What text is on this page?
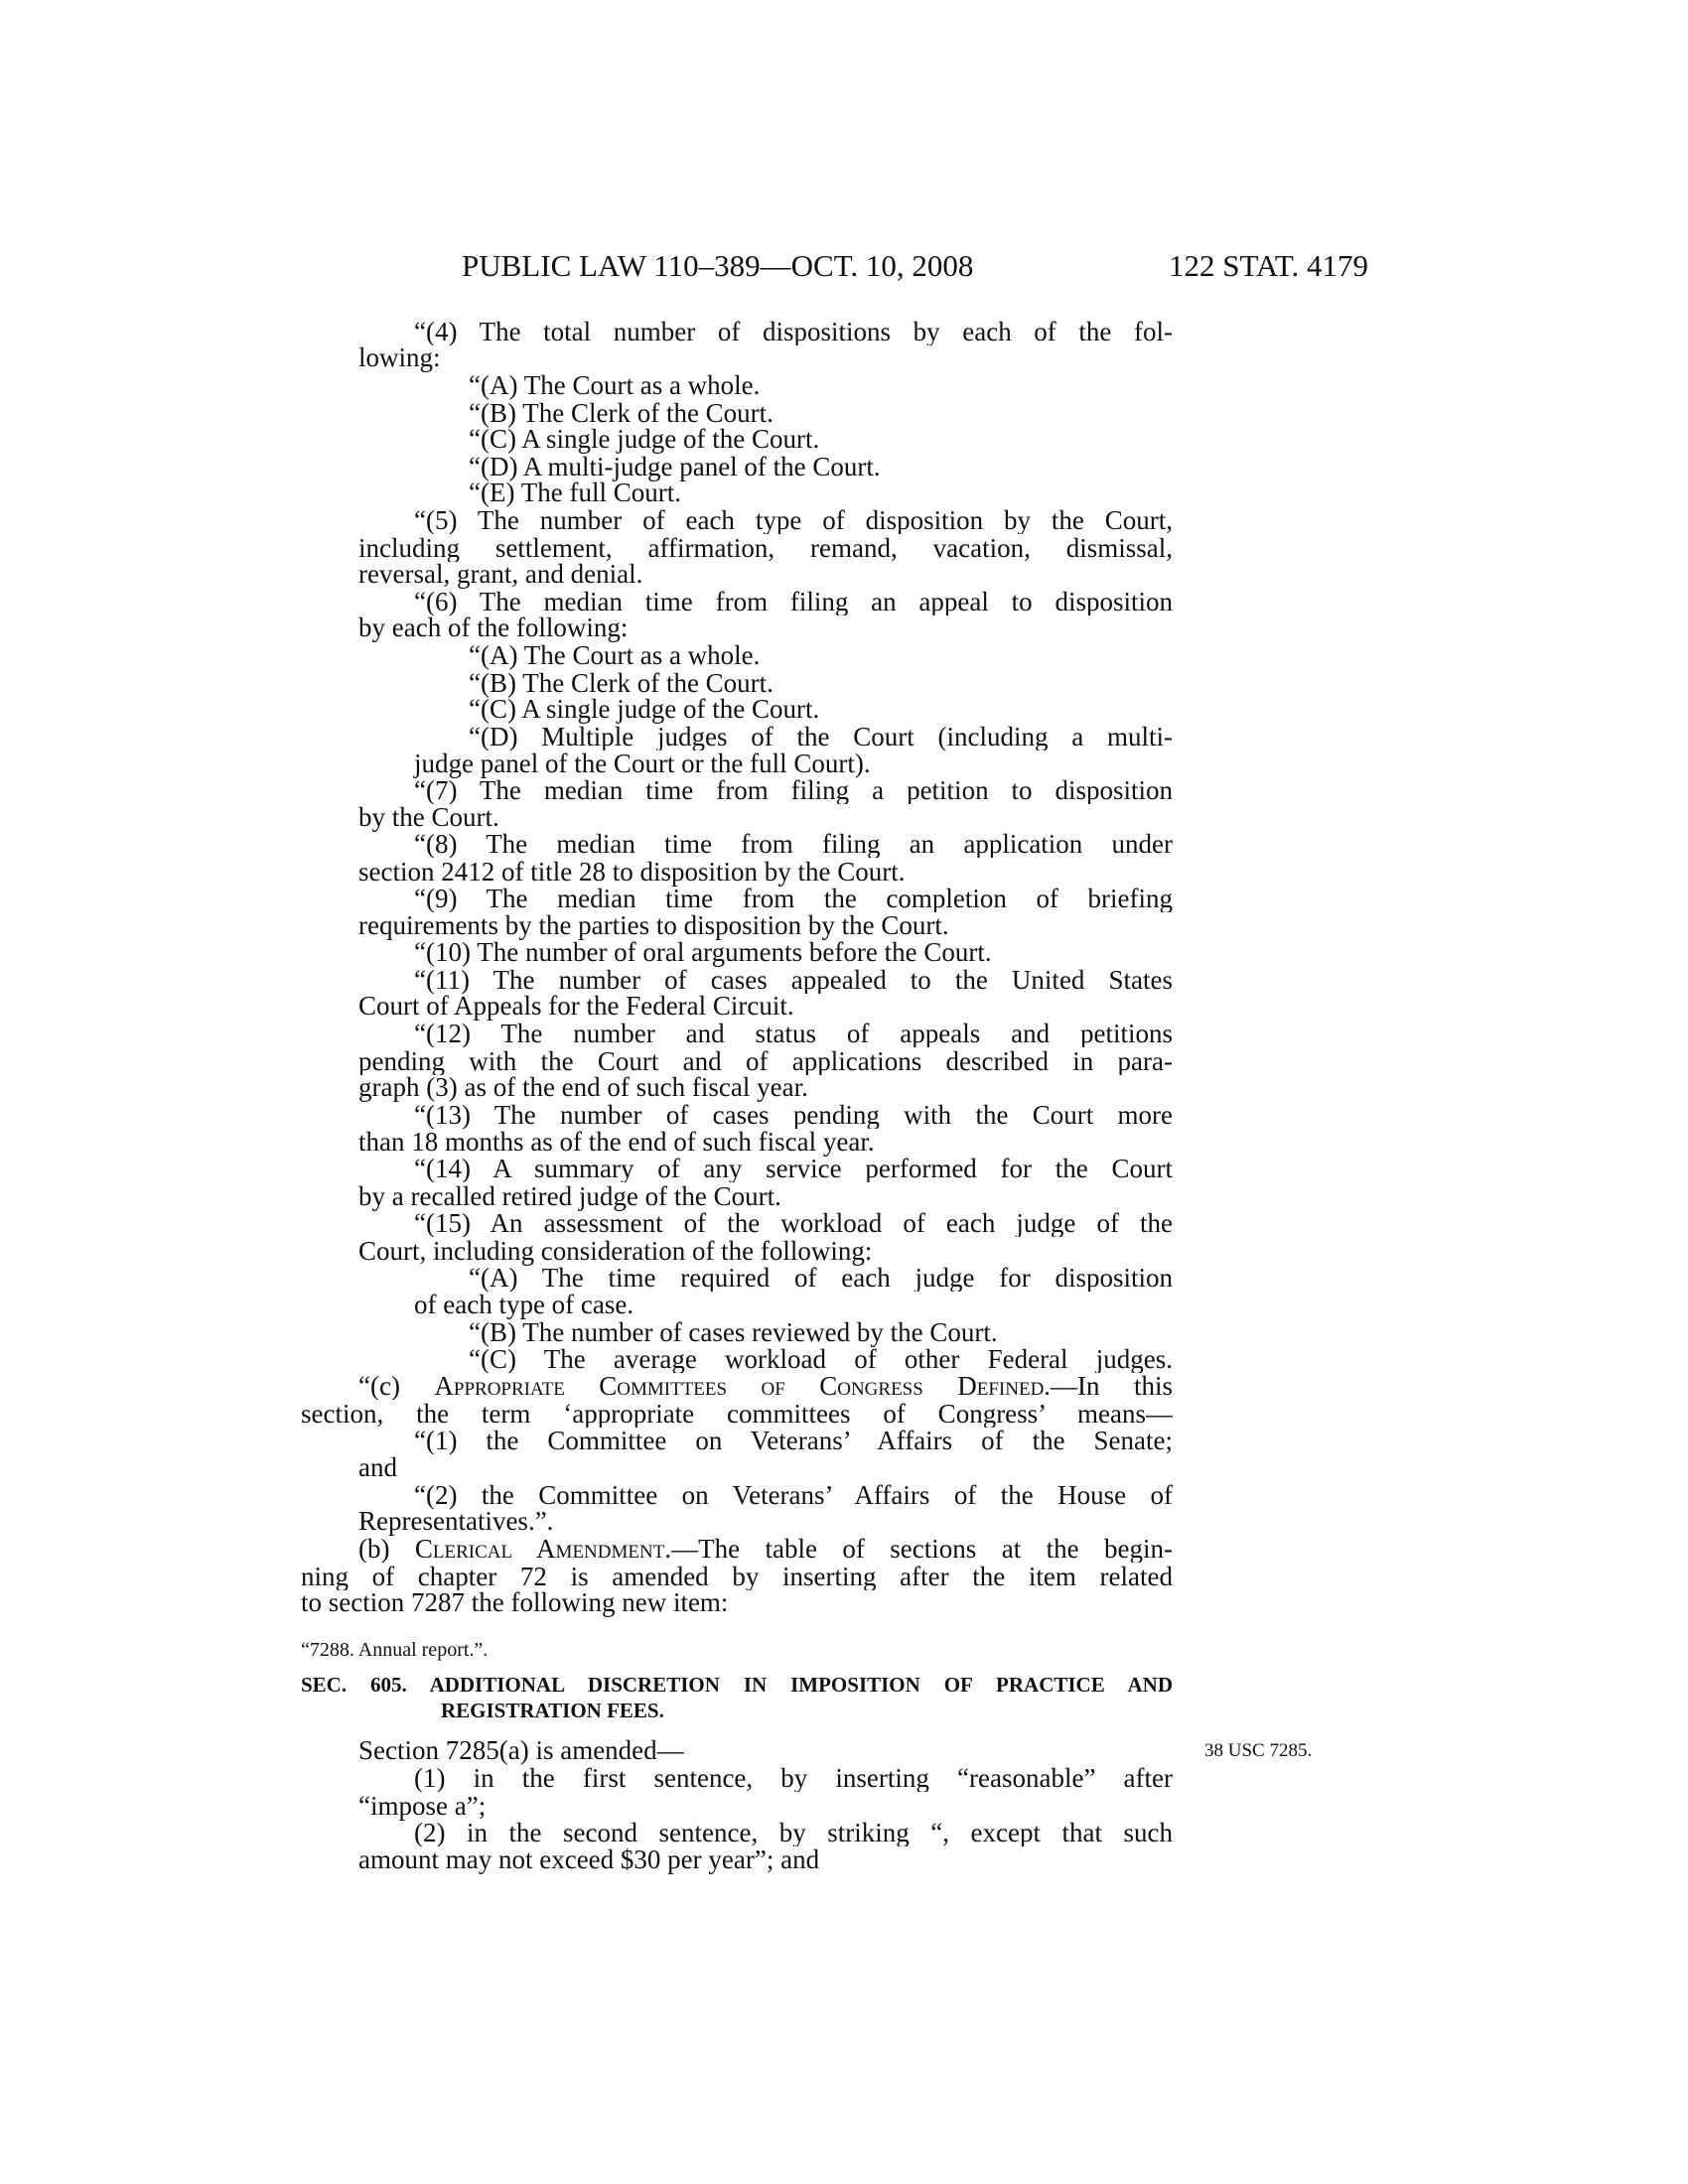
PUBLIC LAW 110–389—OCT. 10, 2008	122 STAT. 4179
“(4) The total number of dispositions by each of the fol-
lowing:
“(A) The Court as a whole.
“(B) The Clerk of the Court.
“(C) A single judge of the Court.
“(D) A multi-judge panel of the Court.
“(E) The full Court.
“(5) The number of each type of disposition by the Court,
including settlement, affirmation, remand, vacation, dismissal,
reversal, grant, and denial.
“(6) The median time from filing an appeal to disposition
by each of the following:
“(A) The Court as a whole.
“(B) The Clerk of the Court.
“(C) A single judge of the Court.
“(D) Multiple judges of the Court (including a multi-
judge panel of the Court or the full Court).
“(7) The median time from filing a petition to disposition
by the Court.
“(8) The median time from filing an application under
section 2412 of title 28 to disposition by the Court.
“(9) The median time from the completion of briefing
requirements by the parties to disposition by the Court.
“(10) The number of oral arguments before the Court.
“(11) The number of cases appealed to the United States
Court of Appeals for the Federal Circuit.
“(12) The number and status of appeals and petitions
pending with the Court and of applications described in para-
graph (3) as of the end of such fiscal year.
“(13) The number of cases pending with the Court more
than 18 months as of the end of such fiscal year.
“(14) A summary of any service performed for the Court
by a recalled retired judge of the Court.
“(15) An assessment of the workload of each judge of the
Court, including consideration of the following:
“(A) The time required of each judge for disposition
of each type of case.
“(B) The number of cases reviewed by the Court.
“(C) The average workload of other Federal judges.
“(c) Appropriate Committees of Congress Defined.—In this
section, the term ‘appropriate committees of Congress’ means—
“(1) the Committee on Veterans’ Affairs of the Senate;
and
“(2) the Committee on Veterans’ Affairs of the House of
Representatives.”.
(b) Clerical Amendment.—The table of sections at the begin-
ning of chapter 72 is amended by inserting after the item related
to section 7287 the following new item:
“7288. Annual report.”.
SEC. 605. ADDITIONAL DISCRETION IN IMPOSITION OF PRACTICE AND
REGISTRATION FEES.
Section 7285(a) is amended—	38 USC 7285.
(1) in the first sentence, by inserting “reasonable” after
“impose a”;
(2) in the second sentence, by striking “, except that such
amount may not exceed $30 per year”; and
